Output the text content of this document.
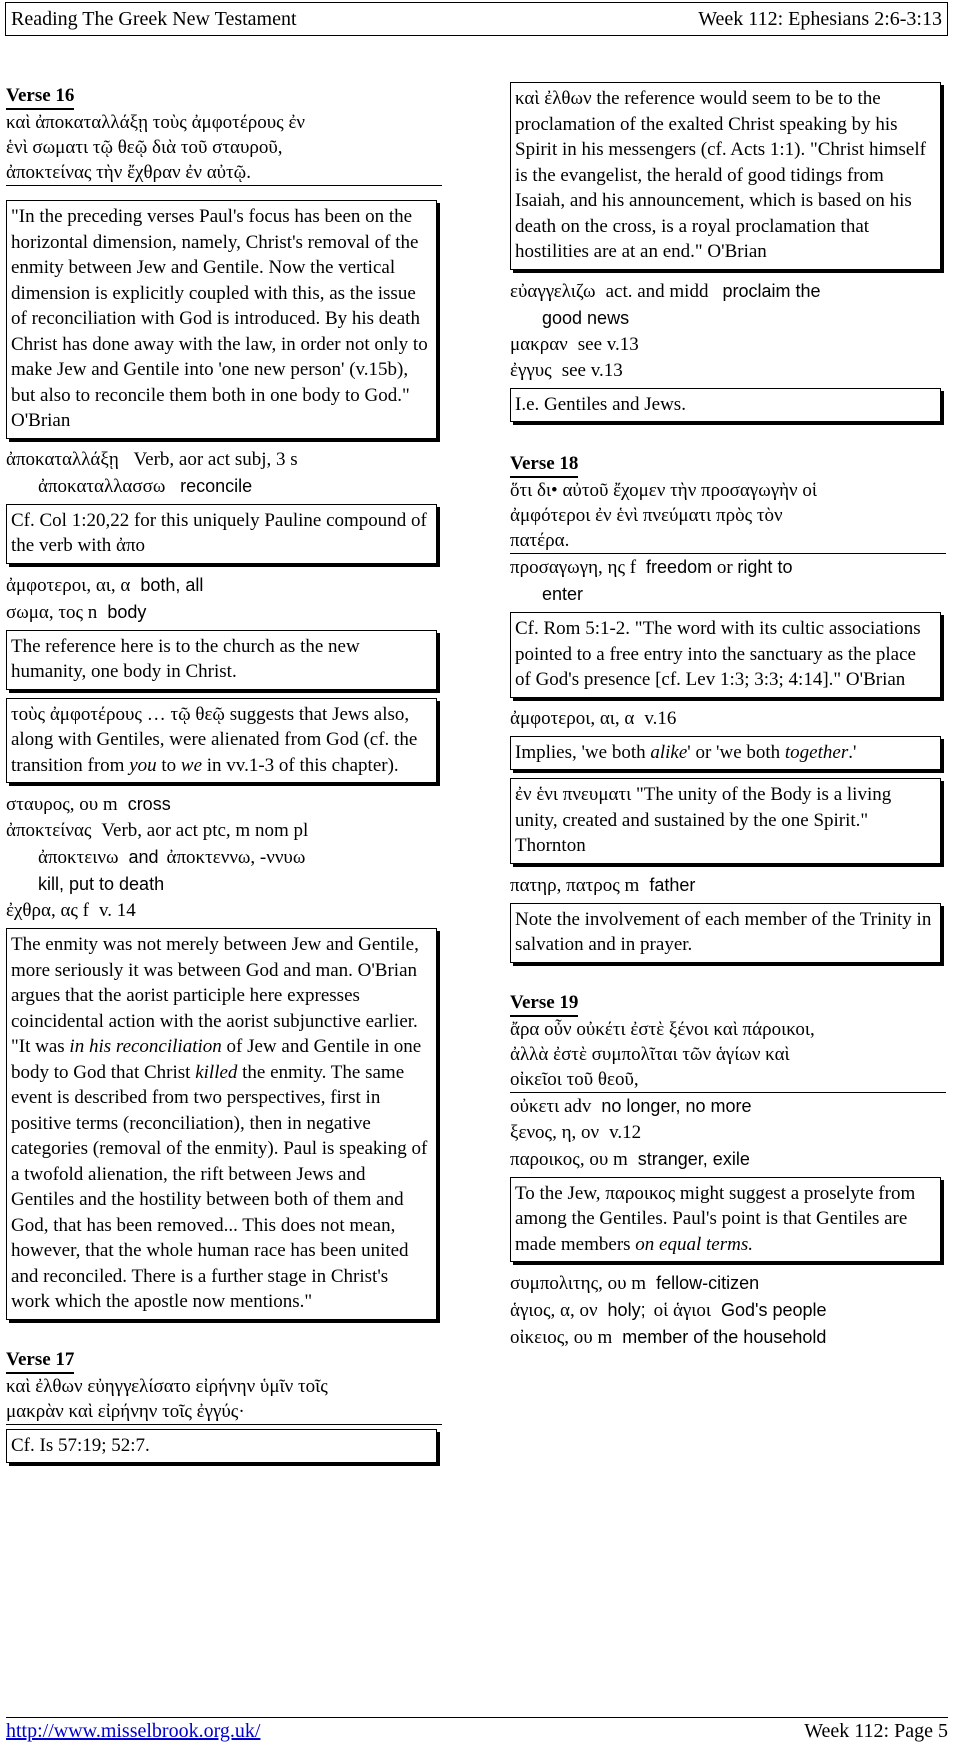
Reading The Greek New Testament	Week 112: Ephesians 2:6-3:13
Verse 16
καὶ ἀποκαταλλάξῃ τοὺς ἀμφοτέρους ἐν
ἑνὶ σωματι τῷ θεῷ διὰ τοῦ σταυροῦ,
ἀποκτείνας τὴν ἔχθραν ἐν αὐτῷ.
"In the preceding verses Paul's focus has been on the horizontal dimension, namely, Christ's removal of the enmity between Jew and Gentile. Now the vertical dimension is explicitly coupled with this, as the issue of reconciliation with God is introduced. By his death Christ has done away with the law, in order not only to make Jew and Gentile into 'one new person' (v.15b), but also to reconcile them both in one body to God." O'Brian
ἀποκαταλλάξῃ Verb, aor act subj, 3 s
ἀποκαταλλασσω reconcile
Cf. Col 1:20,22 for this uniquely Pauline compound of the verb with ἀπο
ἀμφοτεροι, αι, α both, all
σωμα, τος n body
The reference here is to the church as the new humanity, one body in Christ.
τοὺς ἀμφοτέρους … τῷ θεῷ suggests that Jews also, along with Gentiles, were alienated from God (cf. the transition from you to we in vv.1-3 of this chapter).
σταυρος, ου m cross
ἀποκτείνας Verb, aor act ptc, m nom pl
ἀποκτεινω and ἀποκτεννω, -ννυω
kill, put to death
ἐχθρα, ας f v. 14
The enmity was not merely between Jew and Gentile, more seriously it was between God and man. O'Brian argues that the aorist participle here expresses coincidental action with the aorist subjunctive earlier. "It was in his reconciliation of Jew and Gentile in one body to God that Christ killed the enmity. The same event is described from two perspectives, first in positive terms (reconciliation), then in negative categories (removal of the enmity). Paul is speaking of a twofold alienation, the rift between Jews and Gentiles and the hostility between both of them and God, that has been removed... This does not mean, however, that the whole human race has been united and reconciled. There is a further stage in Christ's work which the apostle now mentions."
Verse 17
καὶ ἐλθων εὐηγγελίσατο εἰρήνην ὑμῖν τοῖς
μακρὰν καὶ εἰρήνην τοῖς ἐγγύς·
Cf. Is 57:19; 52:7.
καὶ ἐλθων the reference would seem to be to the proclamation of the exalted Christ speaking by his Spirit in his messengers (cf. Acts 1:1). "Christ himself is the evangelist, the herald of good tidings from Isaiah, and his announcement, which is based on his death on the cross, is a royal proclamation that hostilities are at an end." O'Brian
εὐαγγελιζω act. and midd proclaim the
good news
μακραν see v.13
ἐγγυς see v.13
I.e. Gentiles and Jews.
Verse 18
ὅτι δι• αὐτοῦ ἔχομεν τὴν προσαγωγὴν οἱ
ἀμφότεροι ἐν ἑνὶ πνεύματι πρὸς τὸν
πατέρα.
προσαγωγη, ης f freedom or right to
enter
Cf. Rom 5:1-2. "The word with its cultic associations pointed to a free entry into the sanctuary as the place of God's presence [cf. Lev 1:3; 3:3; 4:14]." O'Brian
ἀμφοτεροι, αι, α v.16
Implies, 'we both alike' or 'we both together.'
ἐν ἑνι πνευματι "The unity of the Body is a living unity, created and sustained by the one Spirit." Thornton
πατηρ, πατρος m father
Note the involvement of each member of the Trinity in salvation and in prayer.
Verse 19
ἄρα οὖν οὐκέτι ἐστὲ ξένοι καὶ πάροικοι,
ἀλλὰ ἐστὲ συμπολῖται τῶν ἁγίων καὶ
οἰκεῖοι τοῦ θεοῦ,
οὐκετι adv no longer, no more
ξενος, η, ον v.12
παροικος, ου m stranger, exile
To the Jew, παροικος might suggest a proselyte from among the Gentiles. Paul's point is that Gentiles are made members on equal terms.
συμπολιτης, ου m fellow-citizen
ἁγιος, α, ον holy; οἱ ἁγιοι God's people
οἰκειος, ου m member of the household
http://www.misselbrook.org.uk/	Week 112: Page 5
